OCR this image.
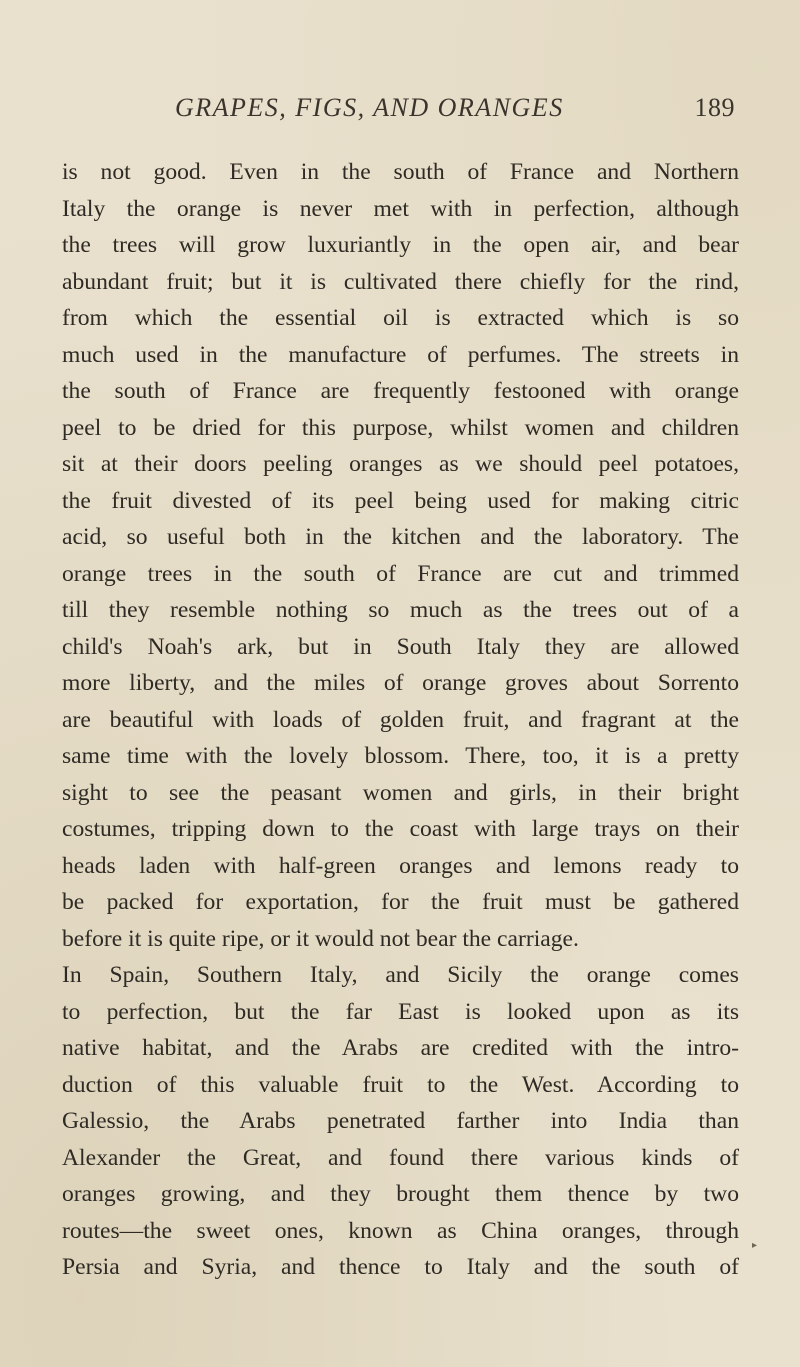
GRAPES, FIGS, AND ORANGES	189
is not good. Even in the south of France and Northern
Italy the orange is never met with in perfection, although
the trees will grow luxuriantly in the open air, and bear
abundant fruit; but it is cultivated there chiefly for the rind,
from which the essential oil is extracted which is so
much used in the manufacture of perfumes. The streets in
the south of France are frequently festooned with orange
peel to be dried for this purpose, whilst women and children
sit at their doors peeling oranges as we should peel potatoes,
the fruit divested of its peel being used for making citric
acid, so useful both in the kitchen and the laboratory. The
orange trees in the south of France are cut and trimmed
till they resemble nothing so much as the trees out of a
child's Noah's ark, but in South Italy they are allowed
more liberty, and the miles of orange groves about Sorrento
are beautiful with loads of golden fruit, and fragrant at the
same time with the lovely blossom. There, too, it is a pretty
sight to see the peasant women and girls, in their bright
costumes, tripping down to the coast with large trays on their
heads laden with half-green oranges and lemons ready to
be packed for exportation, for the fruit must be gathered
before it is quite ripe, or it would not bear the carriage.
In Spain, Southern Italy, and Sicily the orange comes
to perfection, but the far East is looked upon as its
native habitat, and the Arabs are credited with the intro-
duction of this valuable fruit to the West. According to
Galessio, the Arabs penetrated farther into India than
Alexander the Great, and found there various kinds of
oranges growing, and they brought them thence by two
routes—the sweet ones, known as China oranges, through
Persia and Syria, and thence to Italy and the south of
▸
